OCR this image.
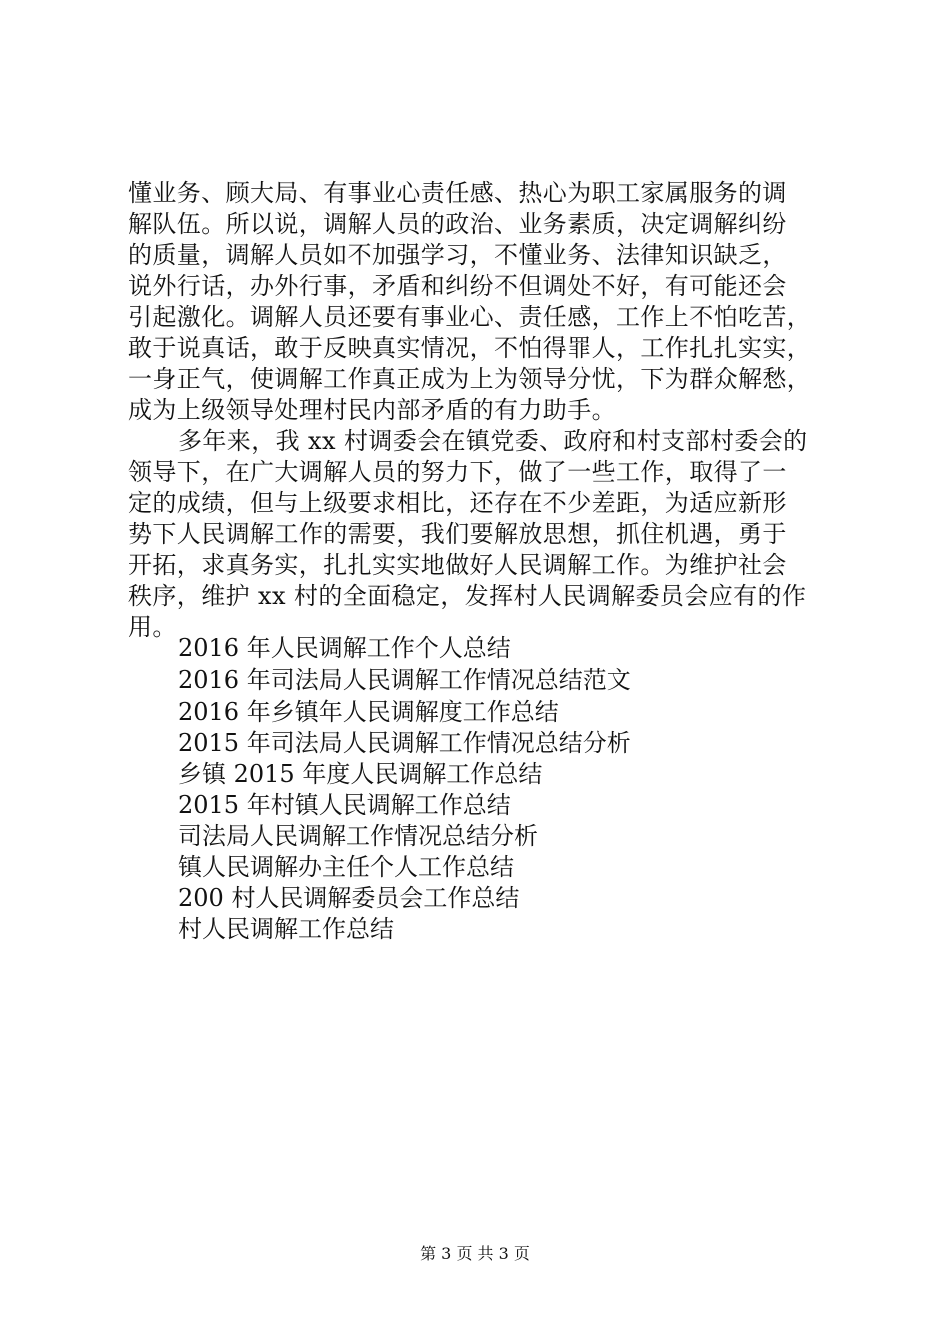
懂业务、顾大局、有事业心责任感、热心为职工家属服务的调
解队伍。所以说，调解人员的政治、业务素质，决定调解纠纷
的质量，调解人员如不加强学习，不懂业务、法律知识缺乏，
说外行话，办外行事，矛盾和纠纷不但调处不好，有可能还会
引起激化。调解人员还要有事业心、责任感，工作上不怕吃苦，
敢于说真话，敢于反映真实情况，不怕得罪人，工作扎扎实实，
一身正气，使调解工作真正成为上为领导分忧，下为群众解愁，
成为上级领导处理村民内部矛盾的有力助手。
多年来，我 xx 村调委会在镇党委、政府和村支部村委会的
领导下，在广大调解人员的努力下，做了一些工作，取得了一
定的成绩，但与上级要求相比，还存在不少差距，为适应新形
势下人民调解工作的需要，我们要解放思想，抓住机遇，勇于
开拓，求真务实，扎扎实实地做好人民调解工作。为维护社会
秩序，维护 xx 村的全面稳定，发挥村人民调解委员会应有的作
用。
2016 年人民调解工作个人总结
2016 年司法局人民调解工作情况总结范文
2016 年乡镇年人民调解度工作总结
2015 年司法局人民调解工作情况总结分析
乡镇 2015 年度人民调解工作总结
2015 年村镇人民调解工作总结
司法局人民调解工作情况总结分析
镇人民调解办主任个人工作总结
200 村人民调解委员会工作总结
村人民调解工作总结
第 3 页 共 3 页
